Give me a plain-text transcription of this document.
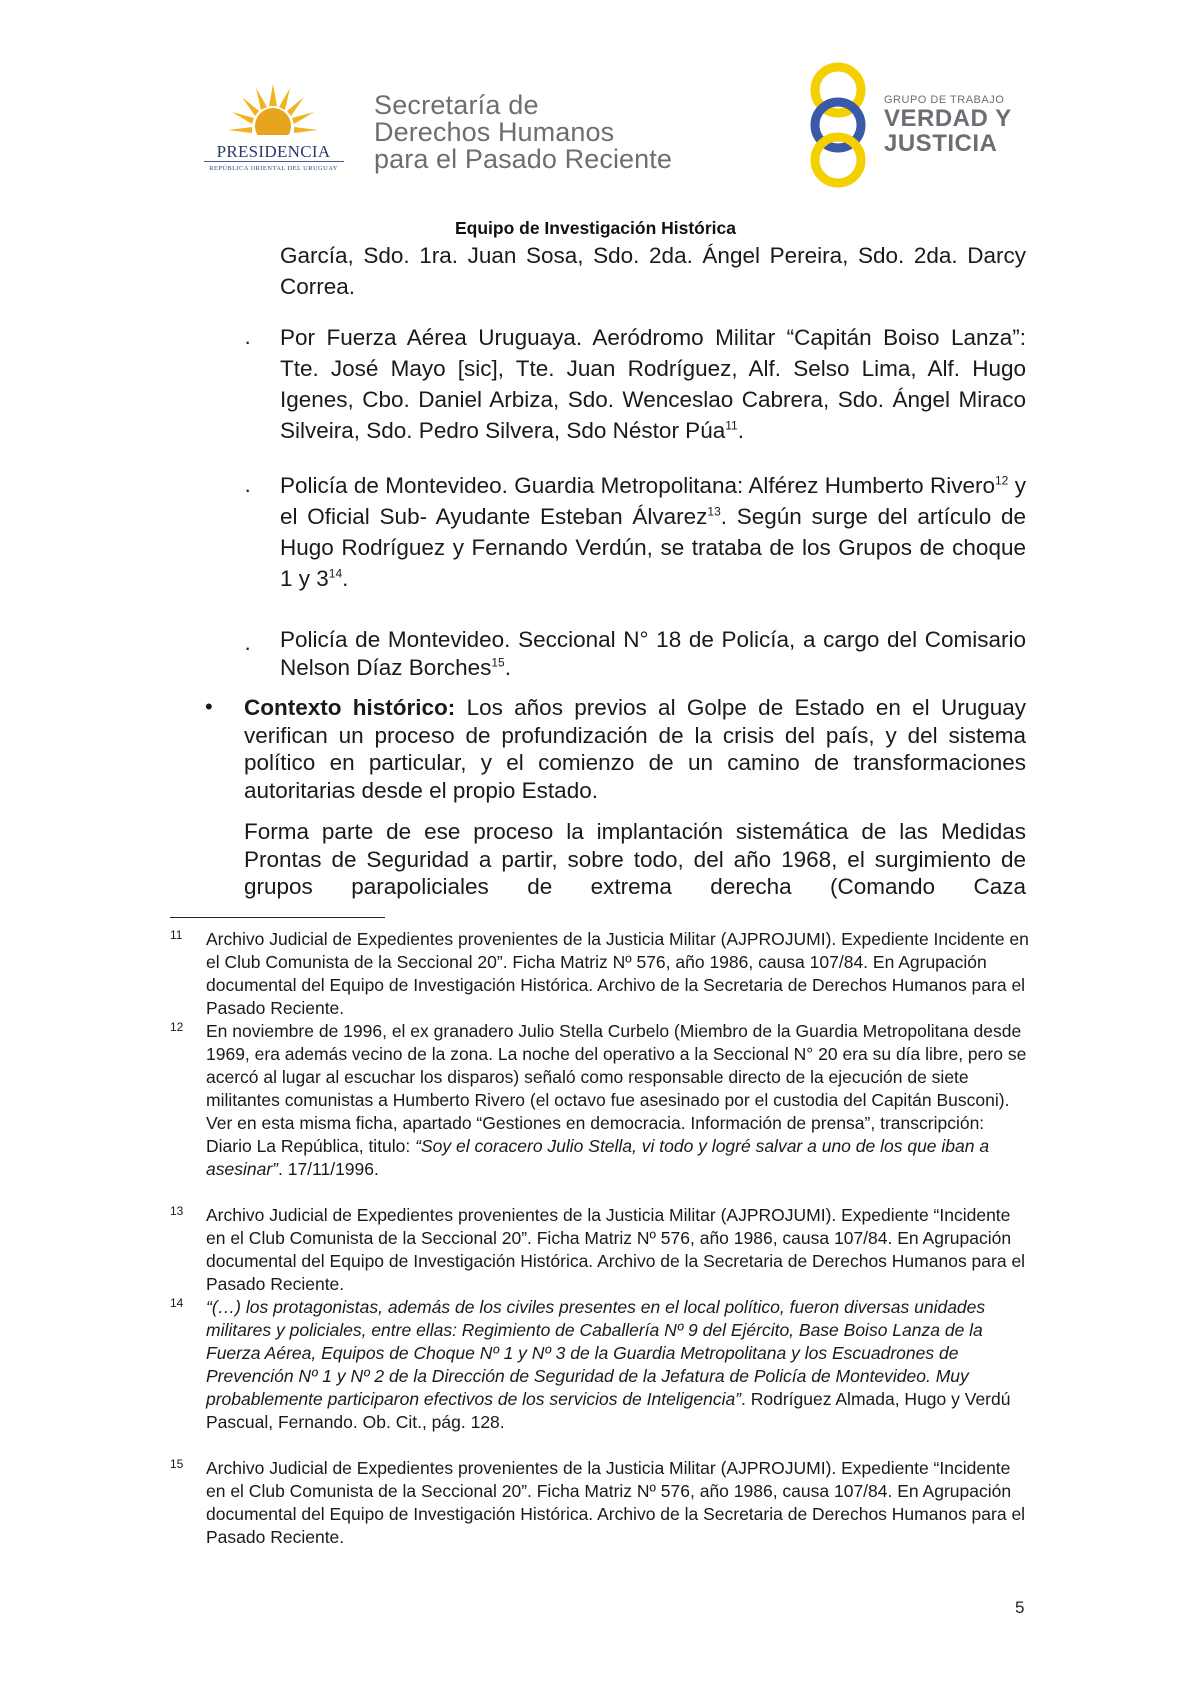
PRESIDENCIA
REPÚBLICA ORIENTAL DEL URUGUAY
Secretaría de
Derechos Humanos
para el Pasado Reciente
GRUPO DE TRABAJO
VERDAD Y
JUSTICIA
Equipo de Investigación Histórica
García, Sdo. 1ra. Juan Sosa, Sdo. 2da. Ángel Pereira, Sdo. 2da. Darcy Correa.
· Por Fuerza Aérea Uruguaya. Aeródromo Militar “Capitán Boiso Lanza”: Tte. José Mayo [sic], Tte. Juan Rodríguez, Alf. Selso Lima, Alf. Hugo Igenes, Cbo. Daniel Arbiza, Sdo. Wenceslao Cabrera, Sdo. Ángel Miraco Silveira, Sdo. Pedro Silvera, Sdo Néstor Púa$^{11}$.
· Policía de Montevideo. Guardia Metropolitana: Alférez Humberto Rivero$^{12}$ y el Oficial Sub- Ayudante Esteban Álvarez$^{13}$. Según surge del artículo de Hugo Rodríguez y Fernando Verdún, se trataba de los Grupos de choque 1 y $3^{14}$.
· Policía de Montevideo. Seccional N° 18 de Policía, a cargo del Comisario Nelson Díaz Borches$^{15}$.
• Contexto histórico: Los años previos al Golpe de Estado en el Uruguay verifican un proceso de profundización de la crisis del país, y del sistema político en particular, y el comienzo de un camino de transformaciones autoritarias desde el propio Estado.
Forma parte de ese proceso la implantación sistemática de las Medidas Prontas de Seguridad a partir, sobre todo, del año 1968, el surgimiento de grupos parapoliciales de extrema derecha (Comando Caza
11 Archivo Judicial de Expedientes provenientes de la Justicia Militar (AJPROJUMI). Expediente Incidente en el Club Comunista de la Seccional 20”. Ficha Matriz Nº 576, año 1986, causa 107/84. En Agrupación documental del Equipo de Investigación Histórica. Archivo de la Secretaria de Derechos Humanos para el Pasado Reciente.
12 En noviembre de 1996, el ex granadero Julio Stella Curbelo (Miembro de la Guardia Metropolitana desde 1969, era además vecino de la zona. La noche del operativo a la Seccional N° 20 era su día libre, pero se acercó al lugar al escuchar los disparos) señaló como responsable directo de la ejecución de siete militantes comunistas a Humberto Rivero (el octavo fue asesinado por el custodia del Capitán Busconi). Ver en esta misma ficha, apartado “Gestiones en democracia. Información de prensa”, transcripción: Diario La República, titulo: “Soy el coracero Julio Stella, vi todo y logré salvar a uno de los que iban a asesinar”. 17/11/1996.
13 Archivo Judicial de Expedientes provenientes de la Justicia Militar (AJPROJUMI). Expediente “Incidente en el Club Comunista de la Seccional 20”. Ficha Matriz Nº 576, año 1986, causa 107/84. En Agrupación documental del Equipo de Investigación Histórica. Archivo de la Secretaria de Derechos Humanos para el Pasado Reciente.
14 “(…) los protagonistas, además de los civiles presentes en el local político, fueron diversas unidades militares y policiales, entre ellas: Regimiento de Caballería Nº 9 del Ejército, Base Boiso Lanza de la Fuerza Aérea, Equipos de Choque Nº 1 y Nº 3 de la Guardia Metropolitana y los Escuadrones de Prevención Nº 1 y Nº 2 de la Dirección de Seguridad de la Jefatura de Policía de Montevideo. Muy probablemente participaron efectivos de los servicios de Inteligencia”. Rodríguez Almada, Hugo y Verdú Pascual, Fernando. Ob. Cit., pág. 128.
15 Archivo Judicial de Expedientes provenientes de la Justicia Militar (AJPROJUMI). Expediente “Incidente en el Club Comunista de la Seccional 20”. Ficha Matriz Nº 576, año 1986, causa 107/84. En Agrupación documental del Equipo de Investigación Histórica. Archivo de la Secretaria de Derechos Humanos para el Pasado Reciente.
5
